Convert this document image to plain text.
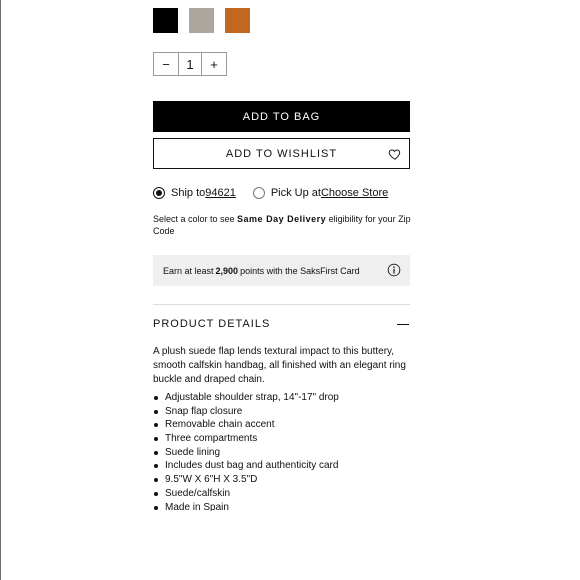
−	1	+
ADD TO BAG
ADD TO WISHLIST
Ship to 94621	Pick Up at Choose Store
Select a color to see Same Day Delivery eligibility for your Zip Code
Earn at least 2,900 points with the SaksFirst Card
PRODUCT DETAILS
A plush suede flap lends textural impact to this buttery, smooth calfskin handbag, all finished with an elegant ring buckle and draped chain.
Adjustable shoulder strap, 14"-17" drop
Snap flap closure
Removable chain accent
Three compartments
Suede lining
Includes dust bag and authenticity card
9.5"W X 6"H X 3.5"D
Suede/calfskin
Made in Spain
